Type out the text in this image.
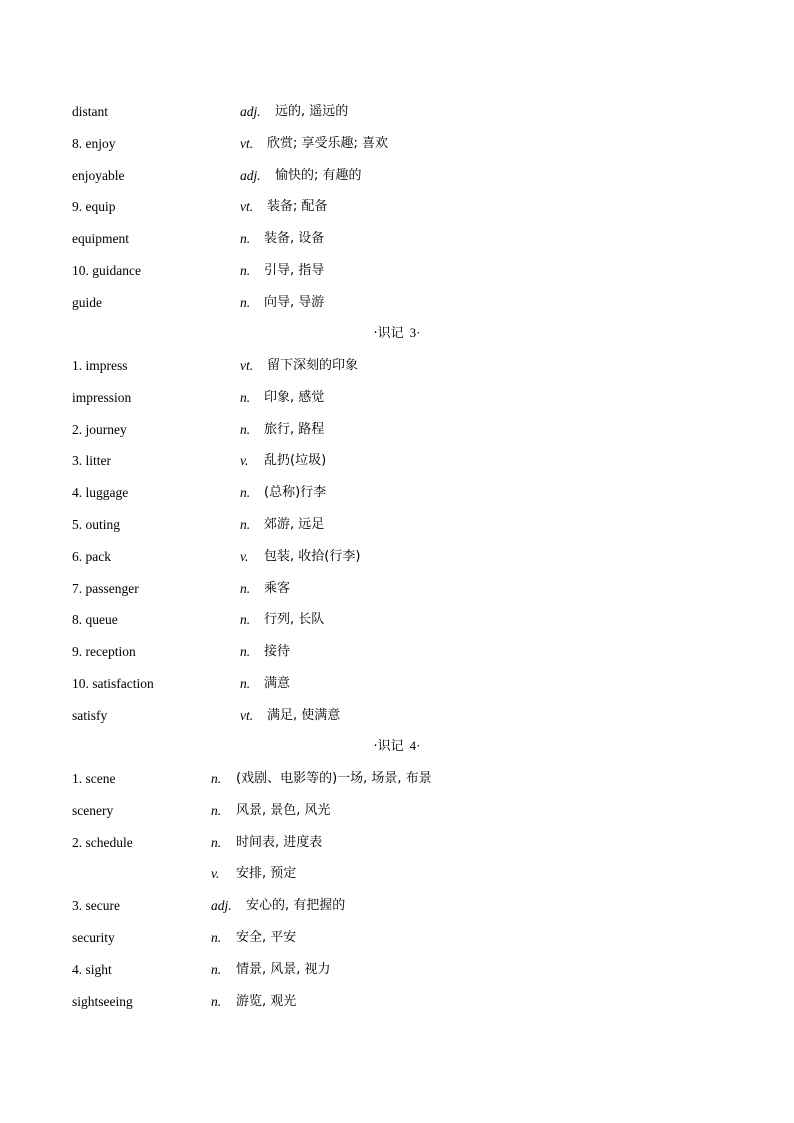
distant	adj. 远的, 遥远的
8. enjoy	vt. 欣赏; 享受乐趣; 喜欢
enjoyable	adj. 愉快的; 有趣的
9. equip	vt. 装备; 配备
equipment	n. 装备, 设备
10. guidance	n. 引导, 指导
guide	n. 向导, 导游
·识记 3·
1. impress	vt. 留下深刻的印象
impression	n. 印象, 感觉
2. journey	n. 旅行, 路程
3. litter	v. 乱扔(垃圾)
4. luggage	n. (总称)行李
5. outing	n. 郊游, 远足
6. pack	v. 包装, 收拾(行李)
7. passenger	n. 乘客
8. queue	n. 行列, 长队
9. reception	n. 接待
10. satisfaction	n. 满意
satisfy	vt. 满足, 使满意
·识记 4·
1. scene	n. (戏剧、电影等的)一场, 场景, 布景
scenery	n. 风景, 景色, 风光
2. schedule	n. 时间表, 进度表
v. 安排, 预定
3. secure	adj. 安心的, 有把握的
security	n. 安全, 平安
4. sight	n. 情景, 风景, 视力
sightseeing	n. 游览, 观光
